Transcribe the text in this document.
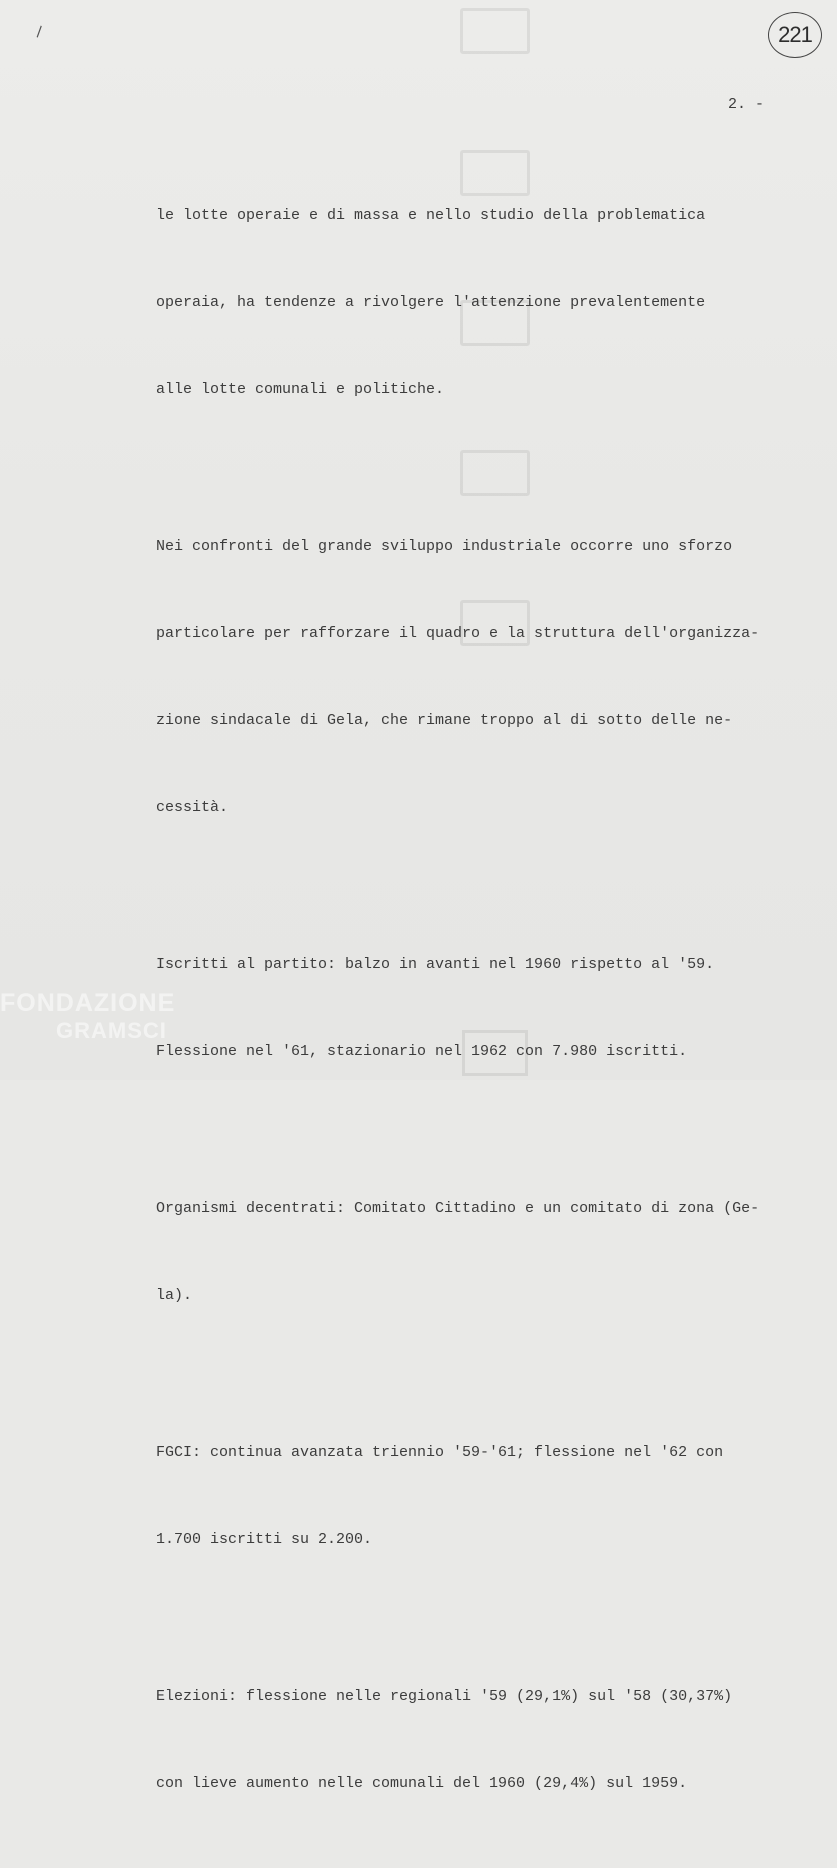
\	221
2. -

le lotte operaie e di massa e nello studio della problematica

operaia, ha tendenze a rivolgere l'attenzione prevalentemente

alle lotte comunali e politiche.

Nei confronti del grande sviluppo industriale occorre uno sforzo

particolare per rafforzare il quadro e la struttura dell'organizza-

zione sindacale di Gela, che rimane troppo al di sotto delle ne-

cessità.

Iscritti al partito: balzo in avanti nel 1960 rispetto al '59.

Flessione nel '61, stazionario nel 1962 con 7.980 iscritti.

Organismi decentrati: Comitato Cittadino e un comitato di zona (Ge-

la).

FGCI: continua avanzata triennio '59-'61; flessione nel '62 con

1.700 iscritti su 2.200.

Elezioni: flessione nelle regionali '59 (29,1%) sul '58 (30,37%)

con lieve aumento nelle comunali del 1960 (29,4%) sul 1959.

FONDAZIONE
GRAMSCI
